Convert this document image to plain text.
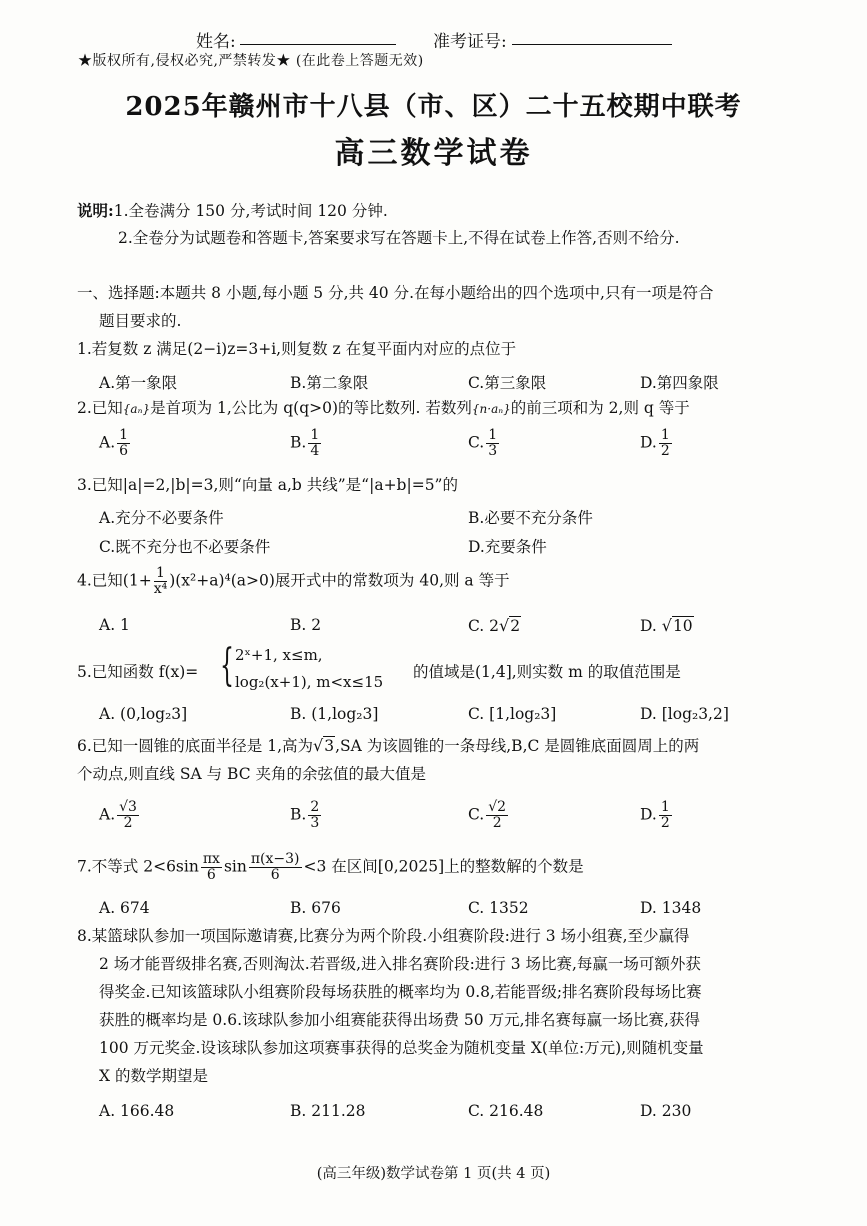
姓名:	准考证号:
★版权所有,侵权必究,严禁转发★ (在此卷上答题无效)
2025年赣州市十八县（市、区）二十五校期中联考
高三数学试卷
说明:1.全卷满分 150 分,考试时间 120 分钟.
2.全卷分为试题卷和答题卡,答案要求写在答题卡上,不得在试卷上作答,否则不给分.
一、选择题:本题共 8 小题,每小题 5 分,共 40 分.在每小题给出的四个选项中,只有一项是符合
题目要求的.
1.若复数 z 满足(2−i)z=3+i,则复数 z 在复平面内对应的点位于
A.第一象限	B.第二象限	C.第三象限	D.第四象限
2.已知{aₙ}是首项为 1,公比为 q(q>0)的等比数列. 若数列{n·aₙ}的前三项和为 2,则 q 等于
A. $\frac{1}{6}$	B. $\frac{1}{4}$	C. $\frac{1}{3}$	D. $\frac{1}{2}$
3.已知|a|=2,|b|=3,则“向量 a,b 共线”是“|a+b|=5”的
A.充分不必要条件	B.必要不充分条件
C.既不充分也不必要条件	D.充要条件
4.已知$(1+ \frac{1}{\text{x⁴}} )(x^2+a)^4(a>0)$展开式中的常数项为 40,则 a 等于
A. 1	B. 2	C. 2√2	D. √10
5.已知函数 f(x)= { 2ˣ+1, x≤m,
log₂(x+1), m<x≤15
的值域是(1,4],则实数 m 的取值范围是
A. (0,log₂3]	B. (1,log₂3]	C. [1,log₂3]	D. [log₂3,2]
6.已知一圆锥的底面半径是 1,高为√3,SA 为该圆锥的一条母线,B,C 是圆锥底面圆周上的两
个动点,则直线 SA 与 BC 夹角的余弦值的最大值是
A. $\frac{√3}{2}$	B. $\frac{2}{3}$	C. $\frac{√2}{2}$	D. $\frac{1}{2}$
7.不等式 $2<6\sin \frac{\pi x}{6}$ $\sin \frac{\pi(x-3)}{6} <3$ 在区间[0,2025]上的整数解的个数是
A. 674	B. 676	C. 1352	D. 1348
8.某篮球队参加一项国际邀请赛,比赛分为两个阶段.小组赛阶段:进行 3 场小组赛,至少赢得
2 场才能晋级排名赛,否则淘汰.若晋级,进入排名赛阶段:进行 3 场比赛,每赢一场可额外获
得奖金.已知该篮球队小组赛阶段每场获胜的概率均为 0.8,若能晋级;排名赛阶段每场比赛
获胜的概率均是 0.6.该球队参加小组赛能获得出场费 50 万元,排名赛每赢一场比赛,获得
100 万元奖金.设该球队参加这项赛事获得的总奖金为随机变量 X(单位:万元),则随机变量
X 的数学期望是
A. 166.48	B. 211.28	C. 216.48	D. 230
(高三年级)数学试卷第 1 页(共 4 页)
